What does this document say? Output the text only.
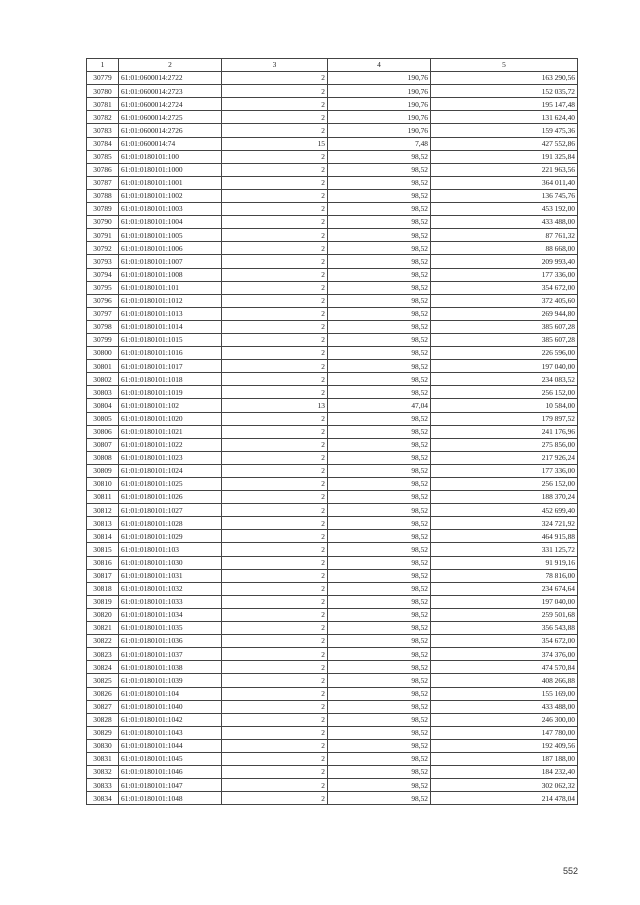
1	2	3	4	5
30779	61:01:0600014:2722	2	190,76	163 290,56
30780	61:01:0600014:2723	2	190,76	152 035,72
30781	61:01:0600014:2724	2	190,76	195 147,48
30782	61:01:0600014:2725	2	190,76	131 624,40
30783	61:01:0600014:2726	2	190,76	159 475,36
30784	61:01:0600014:74	15	7,48	427 552,86
30785	61:01:0180101:100	2	98,52	191 325,84
30786	61:01:0180101:1000	2	98,52	221 963,56
30787	61:01:0180101:1001	2	98,52	364 011,40
30788	61:01:0180101:1002	2	98,52	136 745,76
30789	61:01:0180101:1003	2	98,52	453 192,00
30790	61:01:0180101:1004	2	98,52	433 488,00
30791	61:01:0180101:1005	2	98,52	87 761,32
30792	61:01:0180101:1006	2	98,52	88 668,00
30793	61:01:0180101:1007	2	98,52	209 993,40
30794	61:01:0180101:1008	2	98,52	177 336,00
30795	61:01:0180101:101	2	98,52	354 672,00
30796	61:01:0180101:1012	2	98,52	372 405,60
30797	61:01:0180101:1013	2	98,52	269 944,80
30798	61:01:0180101:1014	2	98,52	385 607,28
30799	61:01:0180101:1015	2	98,52	385 607,28
30800	61:01:0180101:1016	2	98,52	226 596,00
30801	61:01:0180101:1017	2	98,52	197 040,00
30802	61:01:0180101:1018	2	98,52	234 083,52
30803	61:01:0180101:1019	2	98,52	256 152,00
30804	61:01:0180101:102	13	47,04	10 584,00
30805	61:01:0180101:1020	2	98,52	179 897,52
30806	61:01:0180101:1021	2	98,52	241 176,96
30807	61:01:0180101:1022	2	98,52	275 856,00
30808	61:01:0180101:1023	2	98,52	217 926,24
30809	61:01:0180101:1024	2	98,52	177 336,00
30810	61:01:0180101:1025	2	98,52	256 152,00
30811	61:01:0180101:1026	2	98,52	188 370,24
30812	61:01:0180101:1027	2	98,52	452 699,40
30813	61:01:0180101:1028	2	98,52	324 721,92
30814	61:01:0180101:1029	2	98,52	464 915,88
30815	61:01:0180101:103	2	98,52	331 125,72
30816	61:01:0180101:1030	2	98,52	91 919,16
30817	61:01:0180101:1031	2	98,52	78 816,00
30818	61:01:0180101:1032	2	98,52	234 674,64
30819	61:01:0180101:1033	2	98,52	197 040,00
30820	61:01:0180101:1034	2	98,52	259 501,68
30821	61:01:0180101:1035	2	98,52	356 543,88
30822	61:01:0180101:1036	2	98,52	354 672,00
30823	61:01:0180101:1037	2	98,52	374 376,00
30824	61:01:0180101:1038	2	98,52	474 570,84
30825	61:01:0180101:1039	2	98,52	408 266,88
30826	61:01:0180101:104	2	98,52	155 169,00
30827	61:01:0180101:1040	2	98,52	433 488,00
30828	61:01:0180101:1042	2	98,52	246 300,00
30829	61:01:0180101:1043	2	98,52	147 780,00
30830	61:01:0180101:1044	2	98,52	192 409,56
30831	61:01:0180101:1045	2	98,52	187 188,00
30832	61:01:0180101:1046	2	98,52	184 232,40
30833	61:01:0180101:1047	2	98,52	302 062,32
30834	61:01:0180101:1048	2	98,52	214 478,04
552
